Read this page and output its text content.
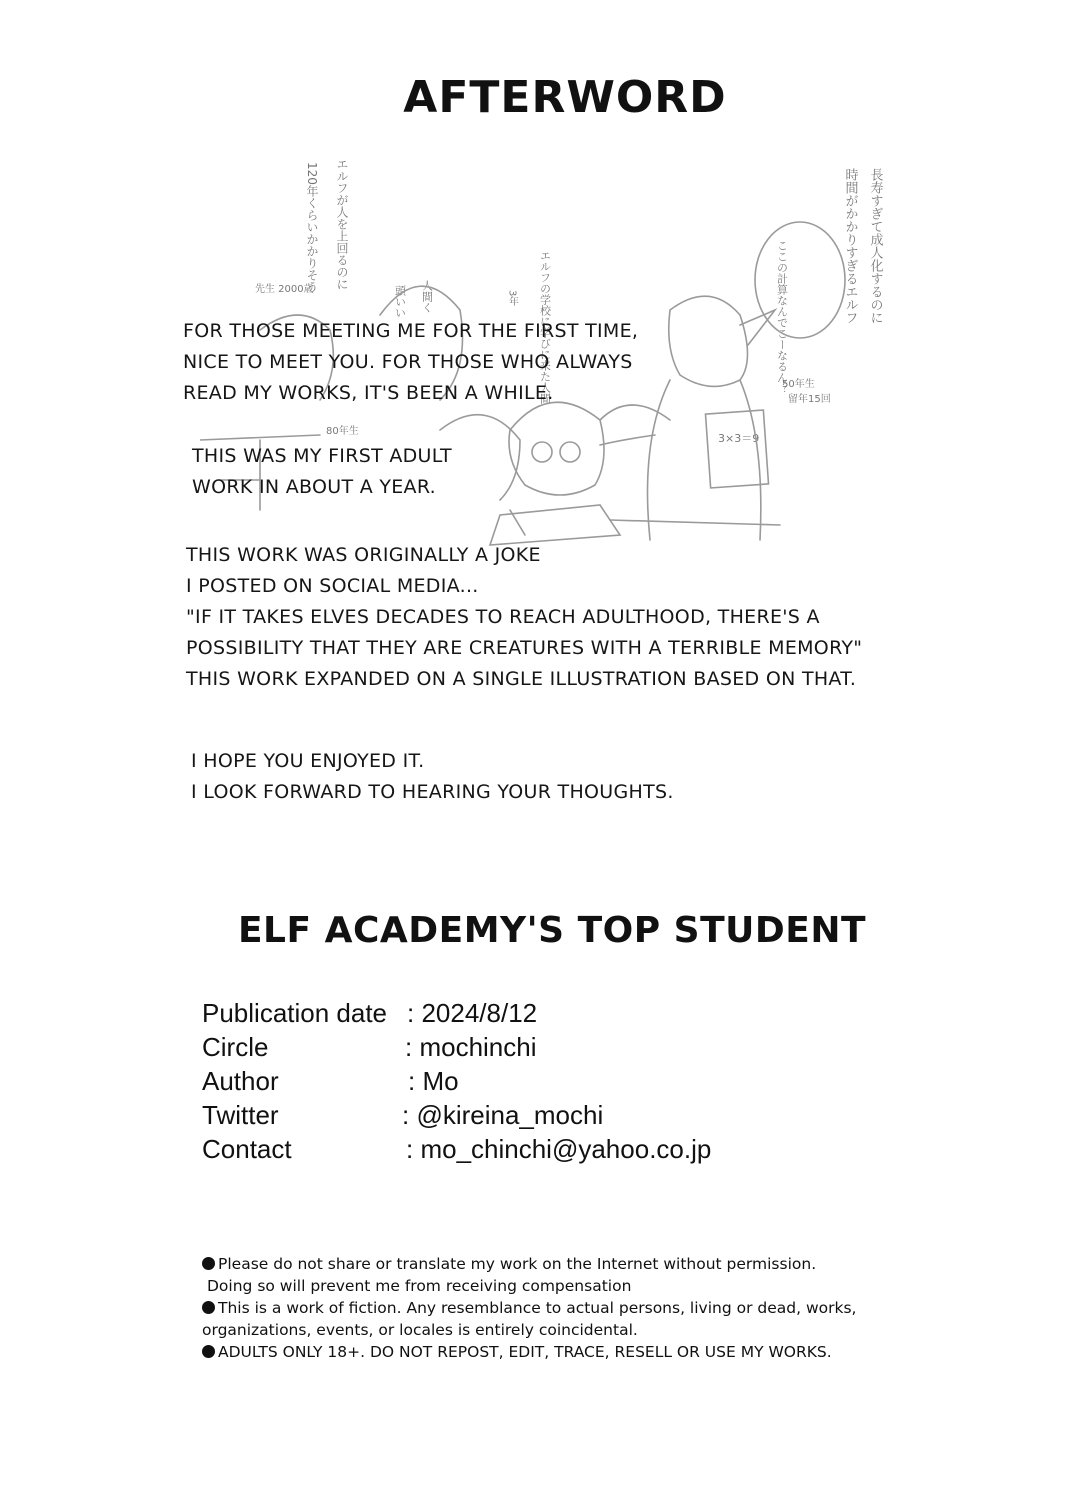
AFTERWORD
120年くらいかかりそう エルフが人を上回るのに
先生 2000歳	頭いい 人間く	エルフの学校に学びに来た人間
3年
80年生
ここの計算なんでこーなるん？	長寿すぎて成人化するのに
時間がかかりすぎるエルフ
50年生
留年15回
3×3＝9

FOR THOSE MEETING ME FOR THE FIRST TIME,

NICE TO MEET YOU. FOR THOSE WHO ALWAYS

READ MY WORKS, IT'S BEEN A WHILE.

THIS WAS MY FIRST ADULT

WORK IN ABOUT A YEAR.

THIS WORK WAS ORIGINALLY A JOKE

I POSTED ON SOCIAL MEDIA...

"IF IT TAKES ELVES DECADES TO REACH ADULTHOOD, THERE'S A

POSSIBILITY THAT THEY ARE CREATURES WITH A TERRIBLE MEMORY"

THIS WORK EXPANDED ON A SINGLE ILLUSTRATION BASED ON THAT.

I HOPE YOU ENJOYED IT.

I LOOK FORWARD TO HEARING YOUR THOUGHTS.

ELF ACADEMY'S TOP STUDENT
Publication date : 2024/8/12
Circle	: mochinchi
Author	: Mo
Twitter	: @kireina_mochi
Contact	: mo_chinchi@yahoo.co.jp

Please do not share or translate my work on the Internet without permission.

Doing so will prevent me from receiving compensation

This is a work of fiction. Any resemblance to actual persons, living or dead, works,

organizations, events, or locales is entirely coincidental.

ADULTS ONLY 18+. DO NOT REPOST, EDIT, TRACE, RESELL OR USE MY WORKS.
